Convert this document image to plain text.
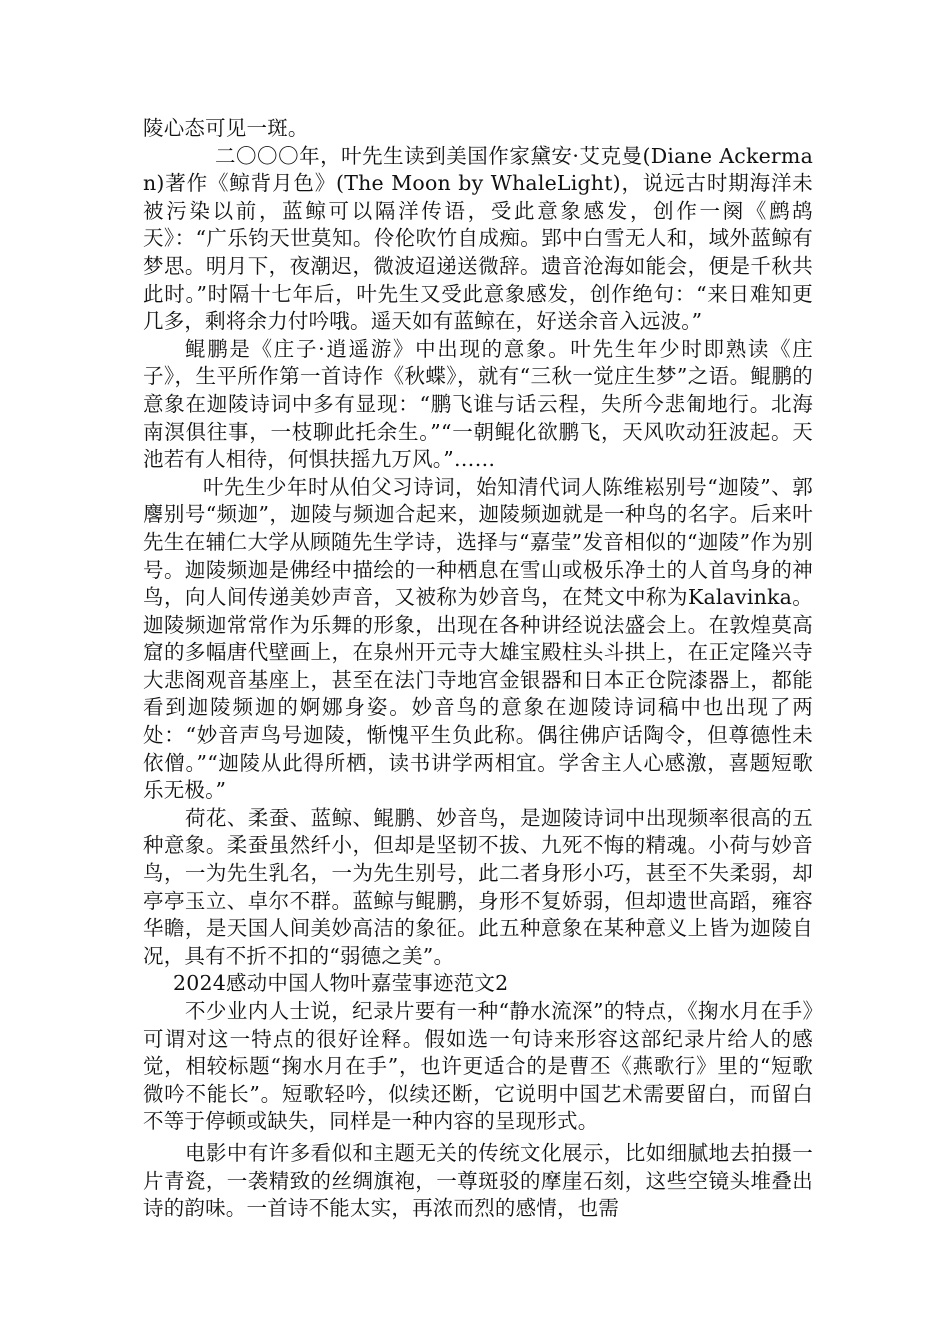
陵心态可见一斑。

二〇〇〇年，叶先生读到美国作家黛安·艾克曼(Diane Ackerman)著作《鲸背月色》(The Moon by WhaleLight)，说远古时期海洋未被污染以前，蓝鲸可以隔洋传语，受此意象感发，创作一阕《鹧鸪天》：“广乐钧天世莫知。伶伦吹竹自成痴。郢中白雪无人和，域外蓝鲸有梦思。明月下，夜潮迟，微波迢递送微辞。遗音沧海如能会，便是千秋共此时。”时隔十七年后，叶先生又受此意象感发，创作绝句：“来日难知更几多，剩将余力付吟哦。遥天如有蓝鲸在，好送余音入远波。”

鲲鹏是《庄子·逍遥游》中出现的意象。叶先生年少时即熟读《庄子》，生平所作第一首诗作《秋蝶》，就有“三秋一觉庄生梦”之语。鲲鹏的意象在迦陵诗词中多有显现：“鹏飞谁与话云程，失所今悲匍地行。北海南溟俱往事，一枝聊此托余生。”“一朝鲲化欲鹏飞，天风吹动狂波起。天池若有人相待，何惧扶摇九万风。”……

叶先生少年时从伯父习诗词，始知清代词人陈维崧别号“迦陵”、郭麐别号“频迦”，迦陵与频迦合起来，迦陵频迦就是一种鸟的名字。后来叶先生在辅仁大学从顾随先生学诗，选择与“嘉莹”发音相似的“迦陵”作为别号。迦陵频迦是佛经中描绘的一种栖息在雪山或极乐净土的人首鸟身的神鸟，向人间传递美妙声音，又被称为妙音鸟，在梵文中称为Kalavinka。迦陵频迦常常作为乐舞的形象，出现在各种讲经说法盛会上。在敦煌莫高窟的多幅唐代壁画上，在泉州开元寺大雄宝殿柱头斗拱上，在正定隆兴寺大悲阁观音基座上，甚至在法门寺地宫金银器和日本正仓院漆器上，都能看到迦陵频迦的婀娜身姿。妙音鸟的意象在迦陵诗词稿中也出现了两处：“妙音声鸟号迦陵，惭愧平生负此称。偶往佛庐话陶令，但尊德性未依僧。”“迦陵从此得所栖，读书讲学两相宜。学舍主人心感激，喜题短歌乐无极。”

荷花、柔蚕、蓝鲸、鲲鹏、妙音鸟，是迦陵诗词中出现频率很高的五种意象。柔蚕虽然纤小，但却是坚韧不拔、九死不悔的精魂。小荷与妙音鸟，一为先生乳名，一为先生别号，此二者身形小巧，甚至不失柔弱，却亭亭玉立、卓尔不群。蓝鲸与鲲鹏，身形不复娇弱，但却遗世高蹈，雍容华瞻，是天国人间美妙高洁的象征。此五种意象在某种意义上皆为迦陵自况，具有不折不扣的“弱德之美”。

2024感动中国人物叶嘉莹事迹范文2

不少业内人士说，纪录片要有一种“静水流深”的特点，《掬水月在手》可谓对这一特点的很好诠释。假如选一句诗来形容这部纪录片给人的感觉，相较标题“掬水月在手”，也许更适合的是曹丕《燕歌行》里的“短歌微吟不能长”。短歌轻吟，似续还断，它说明中国艺术需要留白，而留白不等于停顿或缺失，同样是一种内容的呈现形式。

电影中有许多看似和主题无关的传统文化展示，比如细腻地去拍摄一片青瓷，一袭精致的丝绸旗袍，一尊斑驳的摩崖石刻，这些空镜头堆叠出诗的韵味。一首诗不能太实，再浓而烈的感情，也需
